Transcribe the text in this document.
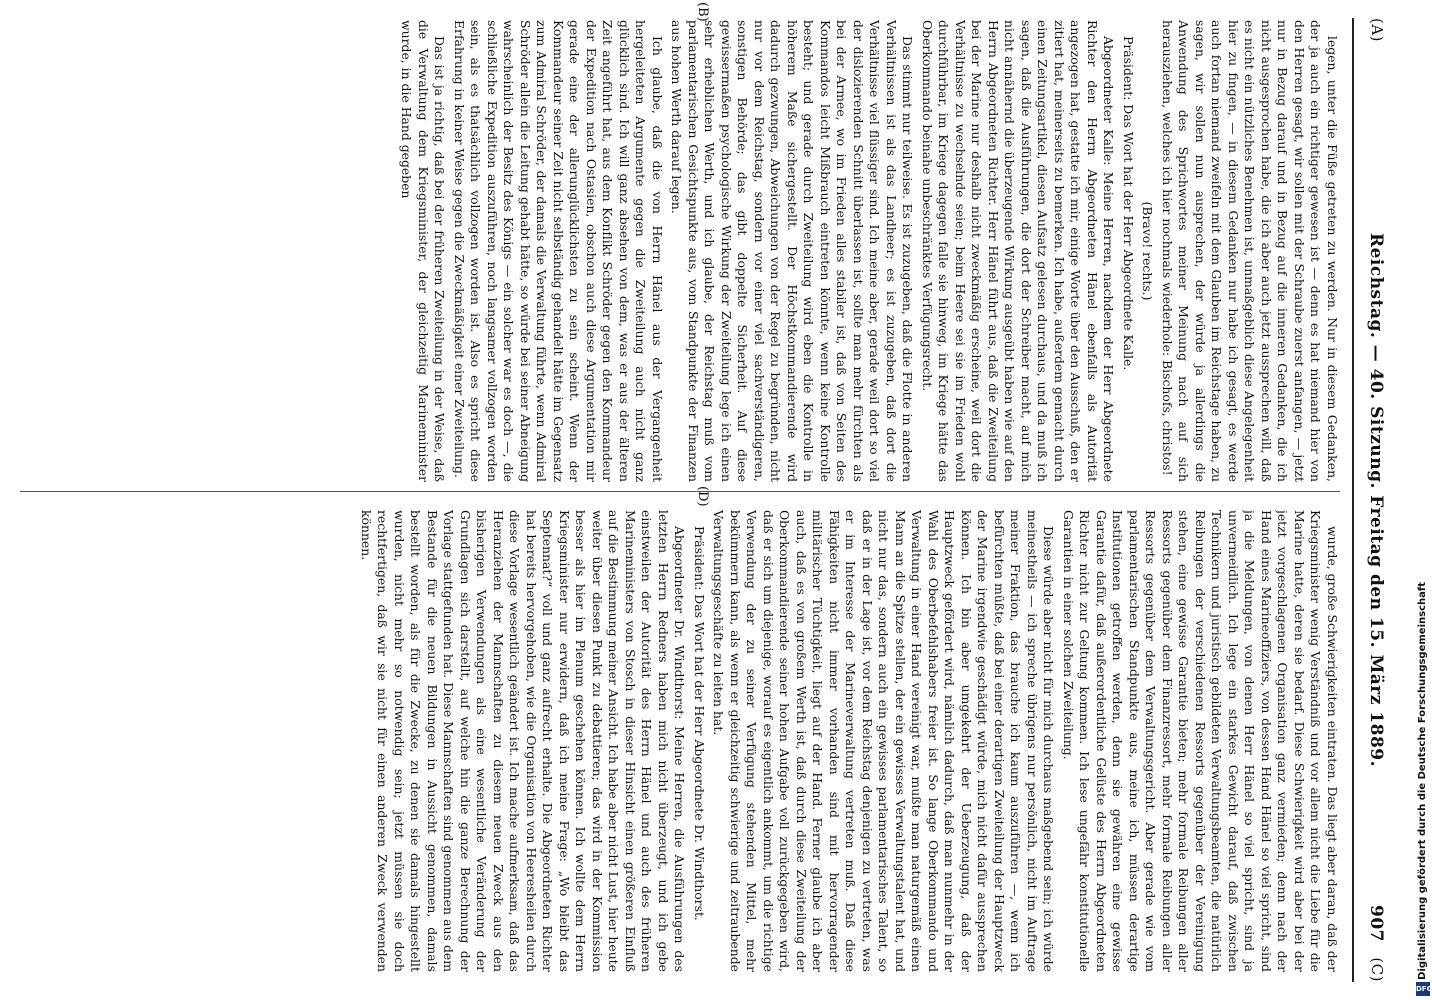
(A)
Reichstag. — 40. Sitzung. Freitag den 15. März 1889.
907
(C)

legen, unter die Füße getreten zu werden. Nur in diesem Gedanken, der ja auch ein richtiger gewesen ist — denn es hat niemand hier von den Herren gesagt, wir sollen mit der Schraube zuerst anfangen, — jetzt nur in Bezug darauf und in Bezug auf die inneren Gedanken, die ich nicht ausgesprochen habe, die ich aber auch jetzt aussprechen will, daß es nicht ein nützliches Benehmen ist, unmaßgeblich diese Angelegenheit hier zu fingen, — in diesem Gedanken nur habe ich gesagt, es werde auch fortan niemand zweifeln mit dem Glauben im Reichstage haben, zu sagen, wir sollen nun ausprechen, der würde ja allerdings die Anwendung des Sprichwortes meiner Meinung nach auf sich herausziehen, welches ich hier nochmals wiederhole: Bischofs, christos!

(Bravo! rechts.)

Präsident: Das Wort hat der Herr Abgeordnete Kalle.

Abgeordneter Kalle: Meine Herren, nachdem der Herr Abgeordnete Richter den Herrn Abgeordneten Hänel ebenfalls als Autorität angezogen hat, gestatte ich mir, einige Worte über den Ausschuß, den er zitiert hat, meinerseits zu bemerken. Ich habe, außerdem gemacht durch einen Zeitungsartikel, diesen Aufsatz gelesen durchaus, und da muß ich sagen, daß die Ausführungen, die dort der Schreiber macht, auf mich nicht annähernd die überzeugende Wirkung ausgeübt haben wie auf den Herrn Abgeordneten Richter. Herr Hänel führt aus, daß die Zweiteilung bei der Marine nur deshalb nicht zweckmäßig erscheine, weil dort die Verhältnisse zu wechselnde seien; beim Heere sei sie im Frieden wohl durchführbar, im Kriege dagegen falle sie hinweg, im Kriege hätte das Oberkommando beinahe unbeschränktes Verfügungsrecht.

Das stimmt nur teilweise. Es ist zuzugeben, daß die Flotte in anderen Verhältnissen ist als das Landheer; es ist zuzugeben, daß dort die Verhältnisse viel flüssiger sind. Ich meine aber, gerade weil dort so viel der dislozierenden Schnitt überlassen ist, sollte man mehr fürchten als bei der Armee, wo im Frieden alles stabiler ist, daß von Seiten des Kommandos leicht Mißbrauch eintreten könnte, wenn keine Kontrolle besteht; und gerade durch Zweiteilung wird eben die Kontrolle in höherem Maße sichergestellt. Der Höchstkommandierende wird dadurch gezwungen, Abweichungen von der Regel zu begründen, nicht nur vor dem Reichstag, sondern vor einer viel sachverständigeren, sonstigen Behörde; das gibt doppelte Sicherheit. Auf diese gewissermaßen psychologische Wirkung der Zweiteilung lege ich einen sehr erheblichen Werth, und ich glaube, der Reichstag muß vom parlamentarischen Gesichtspunkte aus, vom Standpunkte der Finanzen aus hohen Werth darauf legen.

Ich glaube, daß die von Herrn Hänel aus der Vergangenheit hergeleiteten Argumente gegen die Zweiteilung auch nicht ganz glücklich sind. Ich will ganz absehen von dem, was er aus der älteren Zeit angeführt hat, aus dem Konflikt Schröder gegen den Kommandeur der Expedition nach Ostasien, obschon auch diese Argumentation mir gerade eine der allerunglücklichsten zu sein scheint. Wenn der Kommandeur seiner Zeit nicht selbständig gehandelt hätte im Gegensatz zum Admiral Schröder, der damals die Verwaltung führte, wenn Admiral Schröder allein die Leitung gehabt hätte, so würde bei seiner Abneigung wahrscheinlich der Besitz des Königs — ein solcher war es doch —, die schließliche Expedition auszuführen, noch langsamer vollzogen worden sein, als es thatsächlich vollzogen worden ist. Also es spricht diese Erfahrung in keiner Weise gegen die Zweckmäßigkeit einer Zweiteilung.

Das ist ja richtig, daß bei der früheren Zweiteilung in der Weise, daß die Verwaltung dem Kriegsminister, der gleichzeitig Marineminister wurde, in die Hand gegeben

wurde, große Schwierigkeiten eintraten. Das liegt aber daran, daß der Kriegsminister wenig Verständniß und vor allem nicht die Liebe für die Marine hatte, deren sie bedarf. Diese Schwierigkeit wird aber bei der jetzt vorgeschlagenen Organisation ganz vermieden; denn nach der Hand eines Marineoffiziers, von dessen Hand Hänel so viel spricht, sind ja die Meldungen, von denen Herr Hänel so viel spricht, sind ja unvermeidlich. Ich lege ein starkes Gewicht darauf, daß zwischen Technikern und juristisch gebildeten Verwaltungsbeamten, die natürlich Reibungen der verschiedenen Ressorts gegenüber der Vereinigung stehen, eine gewisse Garantie bieten; mehr formale Reibungen aller Ressorts gegenüber dem Finanzressort, mehr formale Reibungen aller Ressorts gegenüber dem Verwaltungsgericht. Aber gerade wie vom parlamentarischen Standpunkte aus, meine ich, müssen derartige Institutionen getroffen werden, denn sie gewähren eine gewisse Garantie dafür, daß außerordentliche Gelüste des Herrn Abgeordneten Richter nicht zur Geltung kommen. Ich lese ungefähr konstitutionelle Garantien in einer solchen Zweiteilung.

Diese würde aber nicht für mich durchaus maßgebend sein; ich würde meinestheils — ich spreche übrigens nur persönlich, nicht im Auftrage meiner Fraktion, das brauche ich kaum auszuführen —, wenn ich befürchten müßte, daß bei einer derartigen Zweiteilung der Hauptzweck der Marine irgendwie geschädigt würde, mich nicht dafür aussprechen können. Ich bin aber umgekehrt der Ueberzeugung, daß der Hauptzweck gefördert wird, nämlich dadurch, daß man nunmehr in der Wahl des Oberbefehlshabers freier ist. So lange Oberkommando und Verwaltung in einer Hand vereinigt war, mußte man naturgemäß einen Mann an die Spitze stellen, der ein gewisses Verwaltungstalent hat, und nicht nur das, sondern auch ein gewisses parlamentarisches Talent, so daß er in der Lage ist, vor dem Reichstag denjenigen zu vertreten, was er im Interesse der Marineverwaltung vertreten muß. Daß diese Fähigkeiten nicht immer vorhanden sind mit hervorragender militärischer Tüchtigkeit, liegt auf der Hand. Ferner glaube ich aber auch, daß es von großem Werth ist, daß durch diese Zweiteilung der Oberkommandierende seiner hohen Aufgabe voll zurückgegeben wird, daß er sich um diejenige, worauf es eigentlich ankommt, um die richtige Verwendung der zu seiner Verfügung stehenden Mittel, mehr bekümmern kann, als wenn er gleichzeitig schwierige und zeitraubende Verwaltungsgeschäfte zu leiten hat.

Präsident: Das Wort hat der Herr Abgeordnete Dr. Windthorst.

Abgeordneter Dr. Windthorst: Meine Herren, die Ausführungen des letzten Herrn Redners haben mich nicht überzeugt, und ich gebe einstweilen der Autorität des Herrn Hänel und auch des früheren Marineministers von Stosch in dieser Hinsicht einen größeren Einfluß auf die Bestimmung meiner Ansicht. Ich habe aber nicht Lust, hier heute weiter über diesen Punkt zu debattieren; das wird in der Kommission besser als hier im Plenum geschehen können. Ich wollte dem Herrn Kriegsminister nur erwidern, daß ich meine Frage: „Wo bleibt das Septennat?“ voll und ganz aufrecht erhalte. Die Abgeordneten Richter hat bereits hervorgehoben, wie die Organisation von Heeresheilen durch diese Vorlage wesentlich geändert ist. Ich mache aufmerksam, daß das Heranziehen der Mannschaften zu diesem neuen Zweck aus den bisherigen Verwendungen als eine wesentliche Veränderung der Grundlagen sich darstellt, auf welche hin die ganze Berechnung der Vorlage stattgefunden hat. Diese Mannschaften sind genommen aus dem Bestande für die neuen Bildungen in Aussicht genommen, damals bestellt worden, als für die Zwecke, zu denen sie damals hingestellt wurden, nicht mehr so notwendig sein; jetzt müssen sie doch rechtfertigen, daß wir sie nicht für einen anderen Zweck verwenden können.

(B)
(D)
Digitalisierung gefördert durch die Deutsche Forschungsgemeinschaft
DFG
